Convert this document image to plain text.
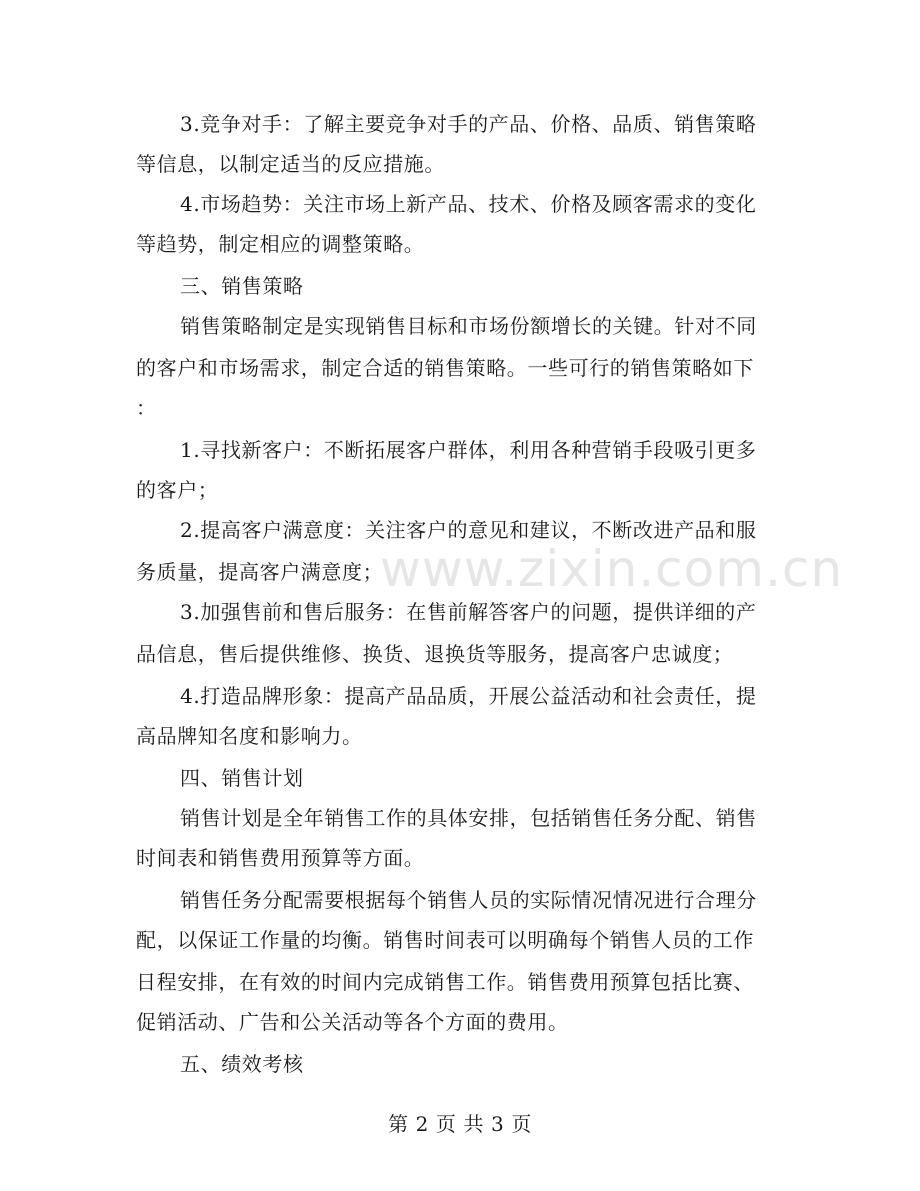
3.竞争对手：了解主要竞争对手的产品、价格、品质、销售策略
等信息，以制定适当的反应措施。
4.市场趋势：关注市场上新产品、技术、价格及顾客需求的变化
等趋势，制定相应的调整策略。
三、销售策略
销售策略制定是实现销售目标和市场份额增长的关键。针对不同
的客户和市场需求，制定合适的销售策略。一些可行的销售策略如下
：
1.寻找新客户：不断拓展客户群体，利用各种营销手段吸引更多
的客户；
2.提高客户满意度：关注客户的意见和建议，不断改进产品和服
务质量，提高客户满意度；
3.加强售前和售后服务：在售前解答客户的问题，提供详细的产
品信息，售后提供维修、换货、退换货等服务，提高客户忠诚度；
4.打造品牌形象：提高产品品质，开展公益活动和社会责任，提
高品牌知名度和影响力。
四、销售计划
销售计划是全年销售工作的具体安排，包括销售任务分配、销售
时间表和销售费用预算等方面。
销售任务分配需要根据每个销售人员的实际情况情况进行合理分
配，以保证工作量的均衡。销售时间表可以明确每个销售人员的工作
日程安排，在有效的时间内完成销售工作。销售费用预算包括比赛、
促销活动、广告和公关活动等各个方面的费用。
五、绩效考核
www.zixin.com.cn
第 2 页 共 3 页
